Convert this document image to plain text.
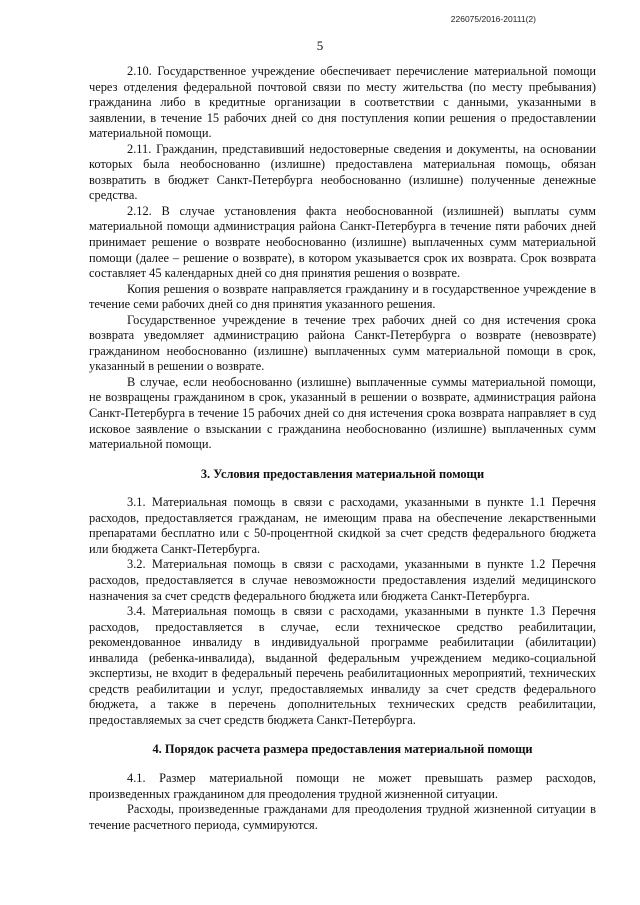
226075/2016-20111(2)
5

2.10. Государственное учреждение обеспечивает перечисление материальной помощи через отделения федеральной почтовой связи по месту жительства (по месту пребывания) гражданина либо в кредитные организации в соответствии с данными, указанными в заявлении, в течение 15 рабочих дней со дня поступления копии решения о предоставлении материальной помощи.

2.11. Гражданин, представивший недостоверные сведения и документы, на основании которых была необоснованно (излишне) предоставлена материальная помощь, обязан возвратить в бюджет Санкт-Петербурга необоснованно (излишне) полученные денежные средства.

2.12. В случае установления факта необоснованной (излишней) выплаты сумм материальной помощи администрация района Санкт-Петербурга в течение пяти рабочих дней принимает решение о возврате необоснованно (излишне) выплаченных сумм материальной помощи (далее – решение о возврате), в котором указывается срок их возврата. Срок возврата составляет 45 календарных дней со дня принятия решения о возврате.

Копия решения о возврате направляется гражданину и в государственное учреждение в течение семи рабочих дней со дня принятия указанного решения.

Государственное учреждение в течение трех рабочих дней со дня истечения срока возврата уведомляет администрацию района Санкт-Петербурга о возврате (невозврате) гражданином необоснованно (излишне) выплаченных сумм материальной помощи в срок, указанный в решении о возврате.

В случае, если необоснованно (излишне) выплаченные суммы материальной помощи, не возвращены гражданином в срок, указанный в решении о возврате, администрация района Санкт-Петербурга в течение 15 рабочих дней со дня истечения срока возврата направляет в суд исковое заявление о взыскании с гражданина необоснованно (излишне) выплаченных сумм материальной помощи.

3. Условия предоставления материальной помощи

3.1. Материальная помощь в связи с расходами, указанными в пункте 1.1 Перечня расходов, предоставляется гражданам, не имеющим права на обеспечение лекарственными препаратами бесплатно или с 50-процентной скидкой за счет средств федерального бюджета или бюджета Санкт-Петербурга.

3.2. Материальная помощь в связи с расходами, указанными в пункте 1.2 Перечня расходов, предоставляется в случае невозможности предоставления изделий медицинского назначения за счет средств федерального бюджета или бюджета Санкт-Петербурга.

3.4. Материальная помощь в связи с расходами, указанными в пункте 1.3 Перечня расходов, предоставляется в случае, если техническое средство реабилитации, рекомендованное инвалиду в индивидуальной программе реабилитации (абилитации) инвалида (ребенка-инвалида), выданной федеральным учреждением медико-социальной экспертизы, не входит в федеральный перечень реабилитационных мероприятий, технических средств реабилитации и услуг, предоставляемых инвалиду за счет средств федерального бюджета, а также в перечень дополнительных технических средств реабилитации, предоставляемых за счет средств бюджета Санкт-Петербурга.

4. Порядок расчета размера предоставления материальной помощи

4.1. Размер материальной помощи не может превышать размер расходов, произведенных гражданином для преодоления трудной жизненной ситуации.

Расходы, произведенные гражданами для преодоления трудной жизненной ситуации в течение расчетного периода, суммируются.
